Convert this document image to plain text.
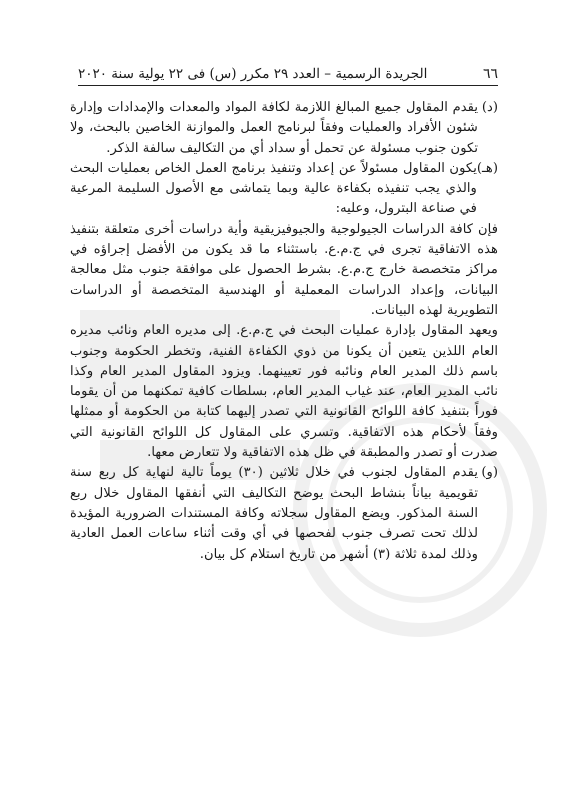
٦٦
الجريدة الرسمية – العدد ٢٩ مكرر (س) فى ٢٢ يولية سنة ٢٠٢٠
(د)
يقدم المقاول جميع المبالغ اللازمة لكافة المواد والمعدات والإمدادات وإدارة شئون الأفراد والعمليات وفقاً لبرنامج العمل والموازنة الخاصين بالبحث، ولا تكون جنوب مسئولة عن تحمل أو سداد أي من التكاليف سالفة الذكر.
(هـ)
يكون المقاول مسئولاً عن إعداد وتنفيذ برنامج العمل الخاص بعمليات البحث والذي يجب تنفيذه بكفاءة عالية وبما يتماشى مع الأصول السليمة المرعية في صناعة البترول، وعليه:

فإن كافة الدراسات الجيولوجية والجيوفيزيقية وأية دراسات أخرى متعلقة بتنفيذ هذه الاتفاقية تجرى في ج.م.ع. باستثناء ما قد يكون من الأفضل إجراؤه في مراكز متخصصة خارج ج.م.ع. بشرط الحصول على موافقة جنوب مثل معالجة البيانات، وإعداد الدراسات المعملية أو الهندسية المتخصصة أو الدراسات التطويرية لهذه البيانات.

ويعهد المقاول بإدارة عمليات البحث في ج.م.ع. إلى مديره العام ونائب مديره العام اللذين يتعين أن يكونا من ذوي الكفاءة الفنية، وتخطر الحكومة وجنوب باسم ذلك المدير العام ونائبه فور تعيينهما. ويزود المقاول المدير العام وكذا نائب المدير العام، عند غياب المدير العام، بسلطات كافية تمكنهما من أن يقوما فوراً بتنفيذ كافة اللوائح القانونية التي تصدر إليهما كتابة من الحكومة أو ممثلها وفقاً لأحكام هذه الاتفاقية. وتسري على المقاول كل اللوائح القانونية التي صدرت أو تصدر والمطبقة في ظل هذه الاتفاقية ولا تتعارض معها.

(و)
يقدم المقاول لجنوب في خلال ثلاثين (٣٠) يوماً تالية لنهاية كل ربع سنة تقويمية بياناً بنشاط البحث يوضح التكاليف التي أنفقها المقاول خلال ربع السنة المذكور. ويضع المقاول سجلاته وكافة المستندات الضرورية المؤيدة لذلك تحت تصرف جنوب لفحصها في أي وقت أثناء ساعات العمل العادية وذلك لمدة ثلاثة (٣) أشهر من تاريخ استلام كل بيان.
